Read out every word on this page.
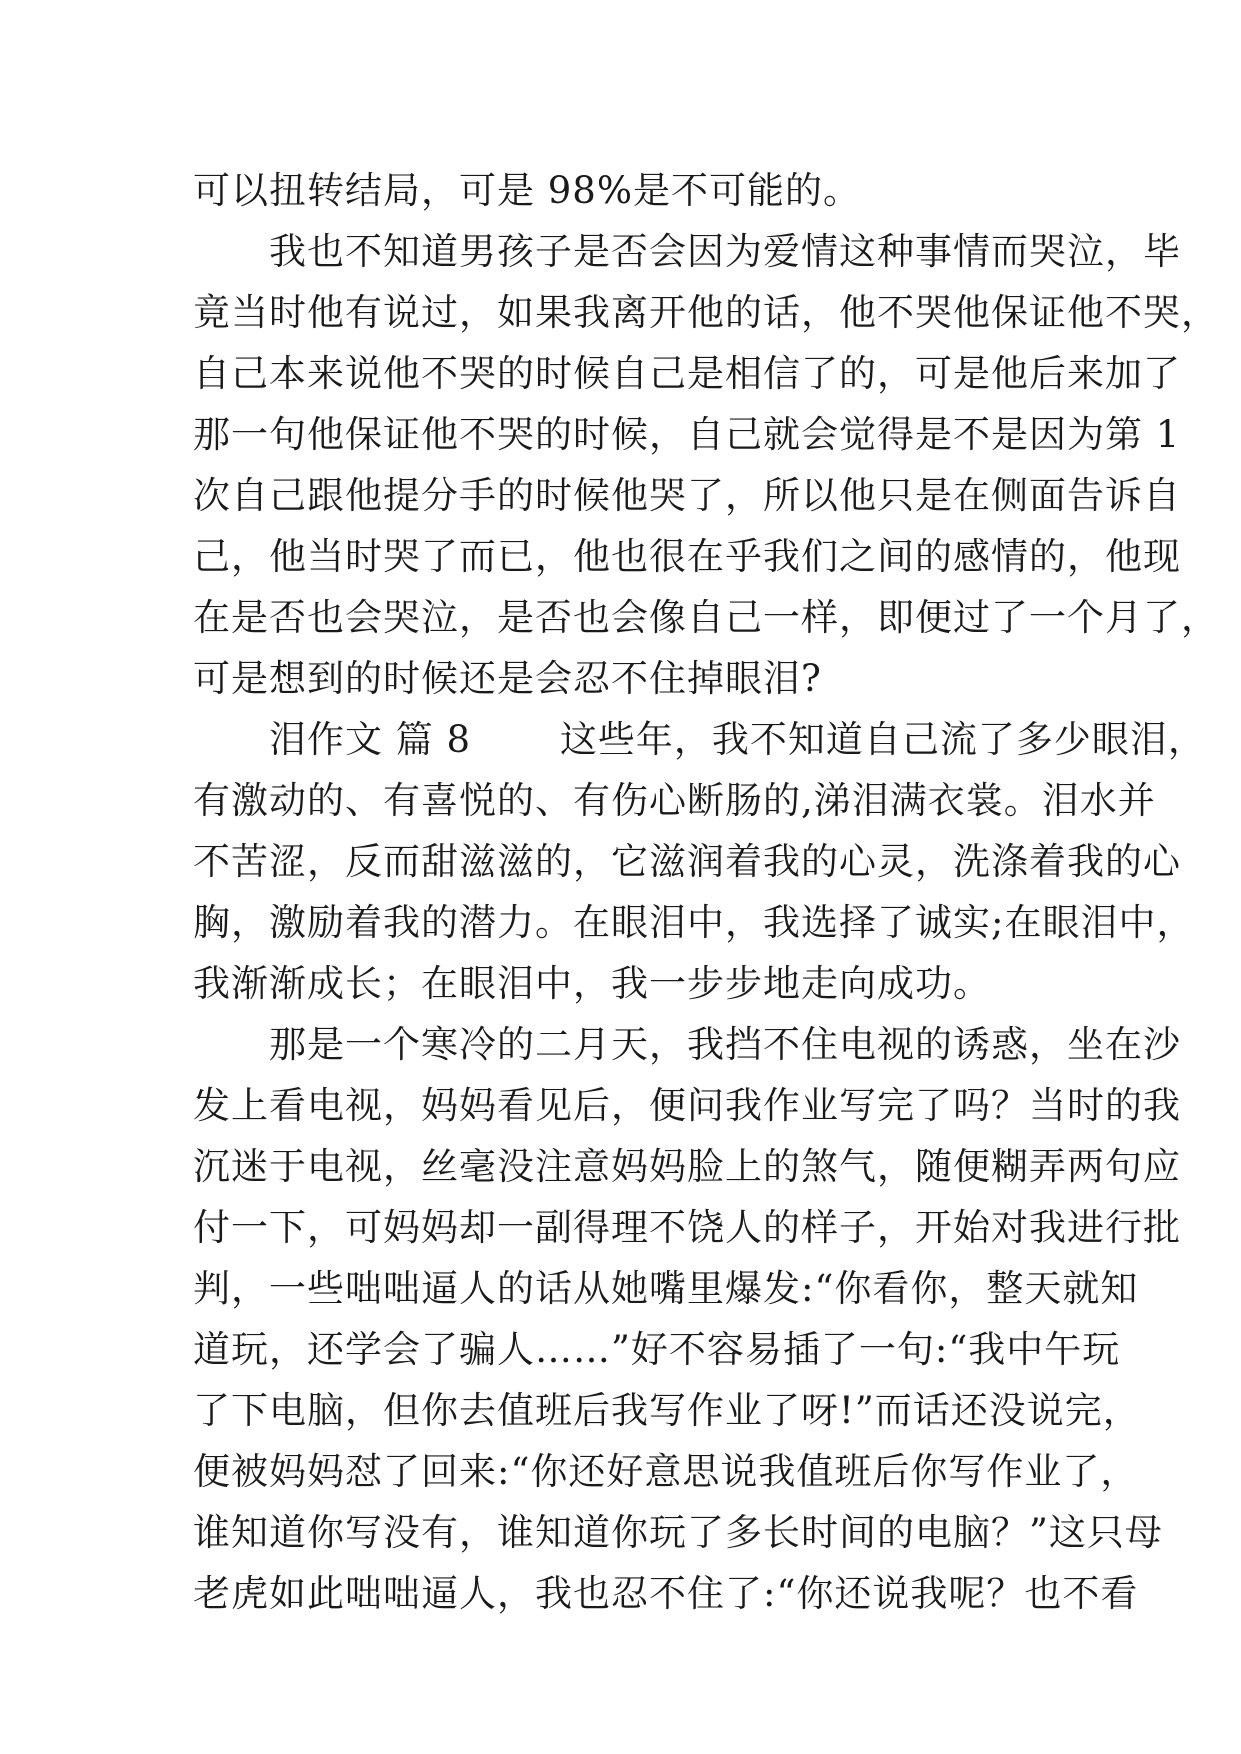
可以扭转结局，可是 98%是不可能的。
　　我也不知道男孩子是否会因为爱情这种事情而哭泣，毕
竟当时他有说过，如果我离开他的话，他不哭他保证他不哭，
自己本来说他不哭的时候自己是相信了的，可是他后来加了
那一句他保证他不哭的时候，自己就会觉得是不是因为第 1
次自己跟他提分手的时候他哭了，所以他只是在侧面告诉自
己，他当时哭了而已，他也很在乎我们之间的感情的，他现
在是否也会哭泣，是否也会像自己一样，即便过了一个月了，
可是想到的时候还是会忍不住掉眼泪?
　　泪作文 篇 8　　 这些年，我不知道自己流了多少眼泪，
有激动的、有喜悦的、有伤心断肠的,涕泪满衣裳。泪水并
不苦涩，反而甜滋滋的，它滋润着我的心灵，洗涤着我的心
胸，激励着我的潜力。在眼泪中，我选择了诚实;在眼泪中，
我渐渐成长；在眼泪中，我一步步地走向成功。
　　那是一个寒冷的二月天，我挡不住电视的诱惑，坐在沙
发上看电视，妈妈看见后，便问我作业写完了吗？当时的我
沉迷于电视，丝毫没注意妈妈脸上的煞气，随便糊弄两句应
付一下，可妈妈却一副得理不饶人的样子，开始对我进行批
判，一些咄咄逼人的话从她嘴里爆发:“你看你，整天就知
道玩，还学会了骗人……”好不容易插了一句:“我中午玩
了下电脑，但你去值班后我写作业了呀!”而话还没说完，
便被妈妈怼了回来:“你还好意思说我值班后你写作业了，
谁知道你写没有，谁知道你玩了多长时间的电脑？”这只母
老虎如此咄咄逼人，我也忍不住了:“你还说我呢？也不看
